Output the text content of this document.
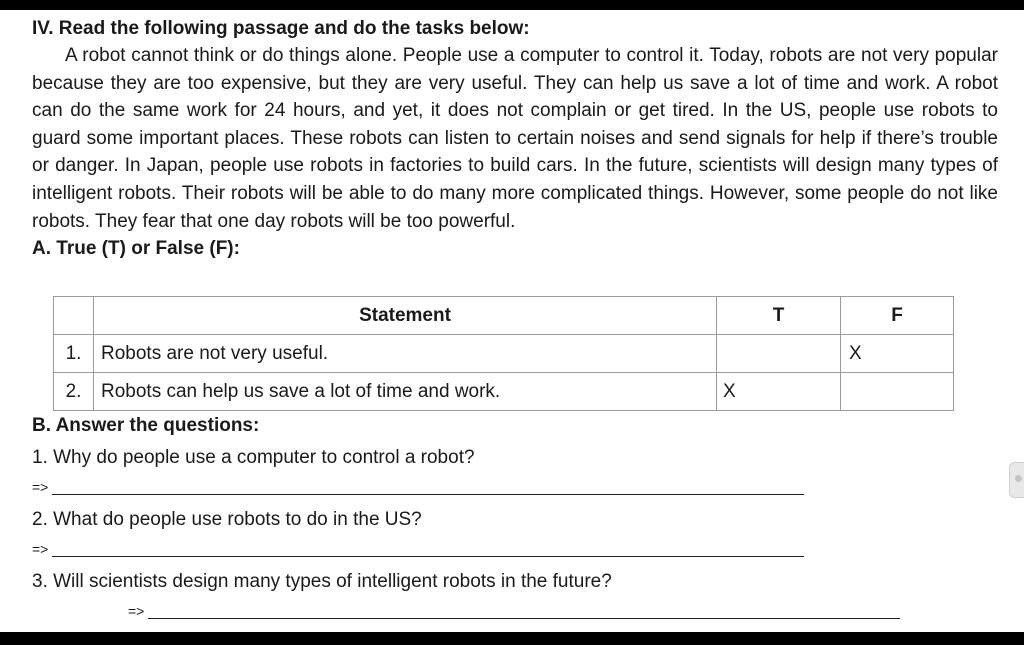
IV. Read the following passage and do the tasks below:

A robot cannot think or do things alone. People use a computer to control it. Today, robots are not very popular because they are too expensive, but they are very useful. They can help us save a lot of time and work. A robot can do the same work for 24 hours, and yet, it does not complain or get tired. In the US, people use robots to guard some important places. These robots can listen to certain noises and send signals for help if there’s trouble or danger. In Japan, people use robots in factories to build cars. In the future, scientists will design many types of intelligent robots. Their robots will be able to do many more complicated things. However, some people do not like robots. They fear that one day robots will be too powerful.

A. True (T) or False (F):

	Statement	T	F
1.	Robots are not very useful.		X
2.	Robots can help us save a lot of time and work.	X	

B. Answer the questions:

1. Why do people use a computer to control a robot?

=>

2. What do people use robots to do in the US?

=>

3. Will scientists design many types of intelligent robots in the future?

=>
